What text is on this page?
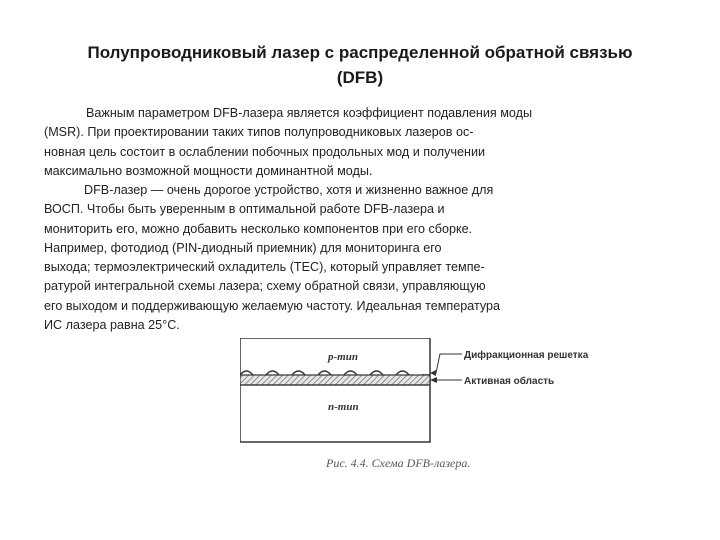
Полупроводниковый лазер с распределенной обратной связью
(DFB)
Важным параметром DFB-лазера является коэффициент подавления моды
(MSR). При проектировании таких типов полупроводниковых лазеров ос-
новная цель состоит в ослаблении побочных продольных мод и получении
максимально возможной мощности доминантной моды.
DFB-лазер — очень дорогое устройство, хотя и жизненно важное для
ВОСП. Чтобы быть уверенным в оптимальной работе DFB-лазера и
мониторить его, можно добавить несколько компонентов при его сборке.
Например, фотодиод (PIN-диодный приемник) для мониторинга его
выхода; термоэлектрический охладитель (ТЕС), который управляет темпе-
ратурой интегральной схемы лазера; схему обратной связи, управляющую
его выходом и поддерживающую желаемую частоту. Идеальная температура
ИС лазера равна 25°С.
p-тип
n-тип
Дифракционная решетка
Активная область
Рис. 4.4. Схема DFB-лазера.
